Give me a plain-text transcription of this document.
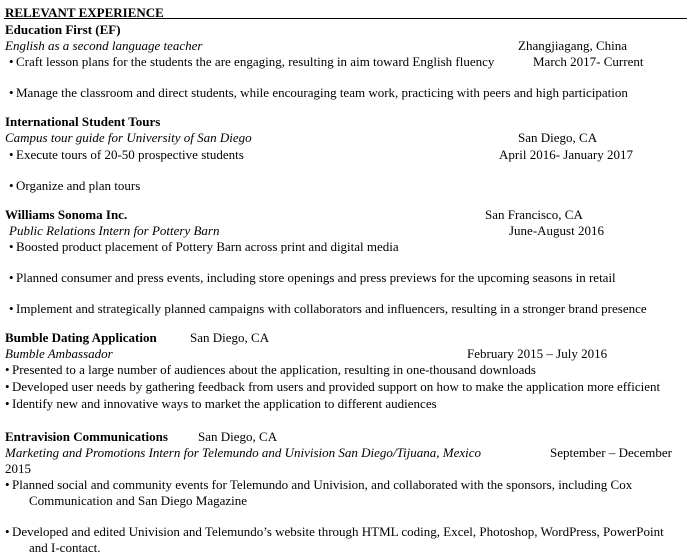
RELEVANT EXPERIENCE
Education First (EF)
English as a second language teacher	Zhangjiagang, China
• Craft lesson plans for the students the are engaging, resulting in aim toward English fluency	March 2017- Current
• Manage the classroom and direct students, while encouraging team work, practicing with peers and high participation
International Student Tours
Campus tour guide for University of San Diego	San Diego, CA
• Execute tours of 20-50 prospective students	April 2016- January 2017
• Organize and plan tours
Williams Sonoma Inc.	San Francisco, CA
Public Relations Intern for Pottery Barn	June-August 2016
• Boosted product placement of Pottery Barn across print and digital media
• Planned consumer and press events, including store openings and press previews for the upcoming seasons in retail
• Implement and strategically planned campaigns with collaborators and influencers, resulting in a stronger brand presence
Bumble Dating Application	San Diego, CA
Bumble Ambassador	February 2015 – July 2016
• Presented to a large number of audiences about the application, resulting in one-thousand downloads
• Developed user needs by gathering feedback from users and provided support on how to make the application more efficient
• Identify new and innovative ways to market the application to different audiences
Entravision Communications San Diego, CA
Marketing and Promotions Intern for Telemundo and Univision San Diego/Tijuana, Mexico	September – December
2015
• Planned social and community events for Telemundo and Univision, and collaborated with the sponsors, including Cox
Communication and San Diego Magazine
• Developed and edited Univision and Telemundo’s website through HTML coding, Excel, Photoshop, WordPress, PowerPoint
and I-contact.
